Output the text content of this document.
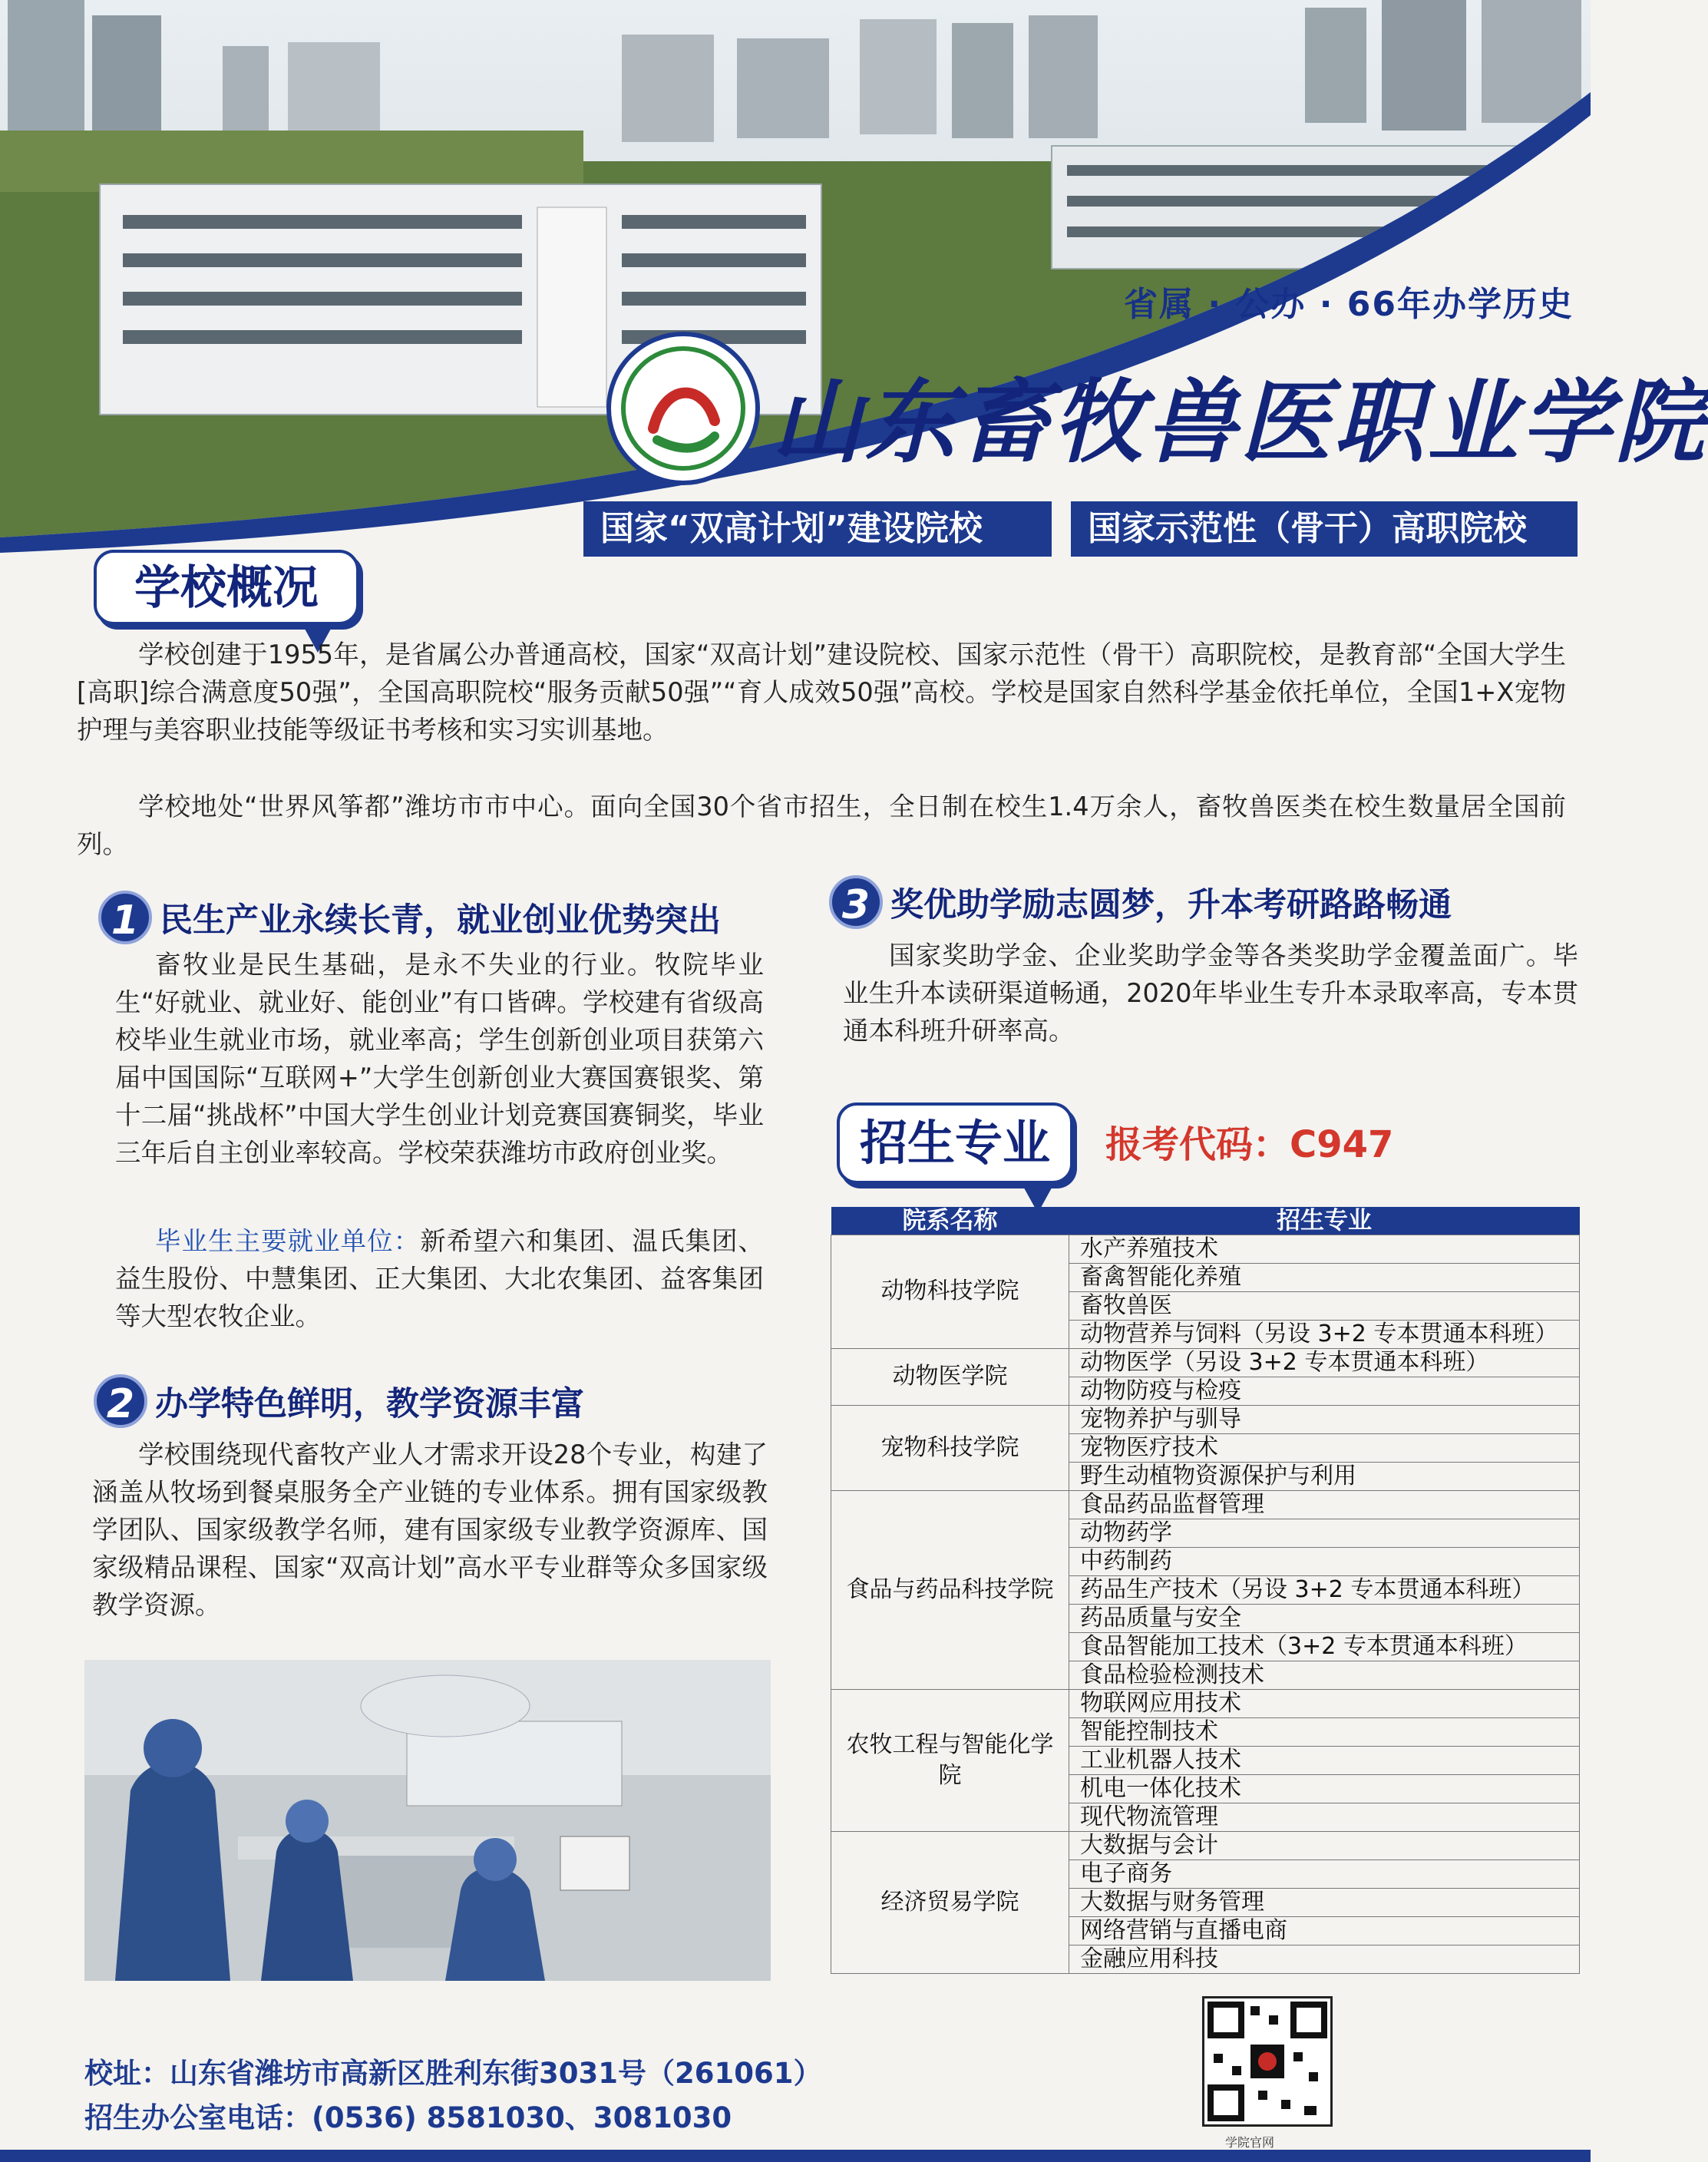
省属 · 公办 · 66年办学历史
山东畜牧兽医职业学院
国家“双高计划”建设院校	国家示范性（骨干）高职院校
学校概况
学校创建于1955年，是省属公办普通高校，国家“双高计划”建设院校、国家示范性（骨干）高职院校，是教育部“全国大学生[高职]综合满意度50强”，全国高职院校“服务贡献50强”“育人成效50强”高校。学校是国家自然科学基金依托单位，全国1+X宠物护理与美容职业技能等级证书考核和实习实训基地。
学校地处“世界风筝都”潍坊市市中心。面向全国30个省市招生，全日制在校生1.4万余人，畜牧兽医类在校生数量居全国前列。
1 民生产业永续长青，就业创业优势突出
畜牧业是民生基础，是永不失业的行业。牧院毕业生“好就业、就业好、能创业”有口皆碑。学校建有省级高校毕业生就业市场，就业率高；学生创新创业项目获第六届中国国际“互联网+”大学生创新创业大赛国赛银奖、第十二届“挑战杯”中国大学生创业计划竞赛国赛铜奖，毕业三年后自主创业率较高。学校荣获潍坊市政府创业奖。
毕业生主要就业单位：新希望六和集团、温氏集团、益生股份、中慧集团、正大集团、大北农集团、益客集团等大型农牧企业。
2 办学特色鲜明，教学资源丰富
学校围绕现代畜牧产业人才需求开设28个专业，构建了涵盖从牧场到餐桌服务全产业链的专业体系。拥有国家级教学团队、国家级教学名师，建有国家级专业教学资源库、国家级精品课程、国家“双高计划”高水平专业群等众多国家级教学资源。
3 奖优助学励志圆梦，升本考研路路畅通
国家奖助学金、企业奖助学金等各类奖助学金覆盖面广。毕业生升本读研渠道畅通，2020年毕业生专升本录取率高，专本贯通本科班升研率高。
招生专业	报考代码：C947
院系名称	招生专业
动物科技学院	水产养殖技术
	畜禽智能化养殖
	畜牧兽医
	动物营养与饲料（另设 3+2 专本贯通本科班）
动物医学院	动物医学（另设 3+2 专本贯通本科班）
	动物防疫与检疫
宠物科技学院	宠物养护与驯导
	宠物医疗技术
	野生动植物资源保护与利用
食品与药品科技学院	食品药品监督管理
	动物药学
	中药制药
	药品生产技术（另设 3+2 专本贯通本科班）
	药品质量与安全
	食品智能加工技术（3+2 专本贯通本科班）
	食品检验检测技术
农牧工程与智能化学院	物联网应用技术
	智能控制技术
	工业机器人技术
	机电一体化技术
	现代物流管理
经济贸易学院	大数据与会计
	电子商务
	大数据与财务管理
	网络营销与直播电商
	金融应用科技
校址：山东省潍坊市高新区胜利东街3031号（261061）
招生办公室电话：(0536) 8581030、3081030
学院官网
